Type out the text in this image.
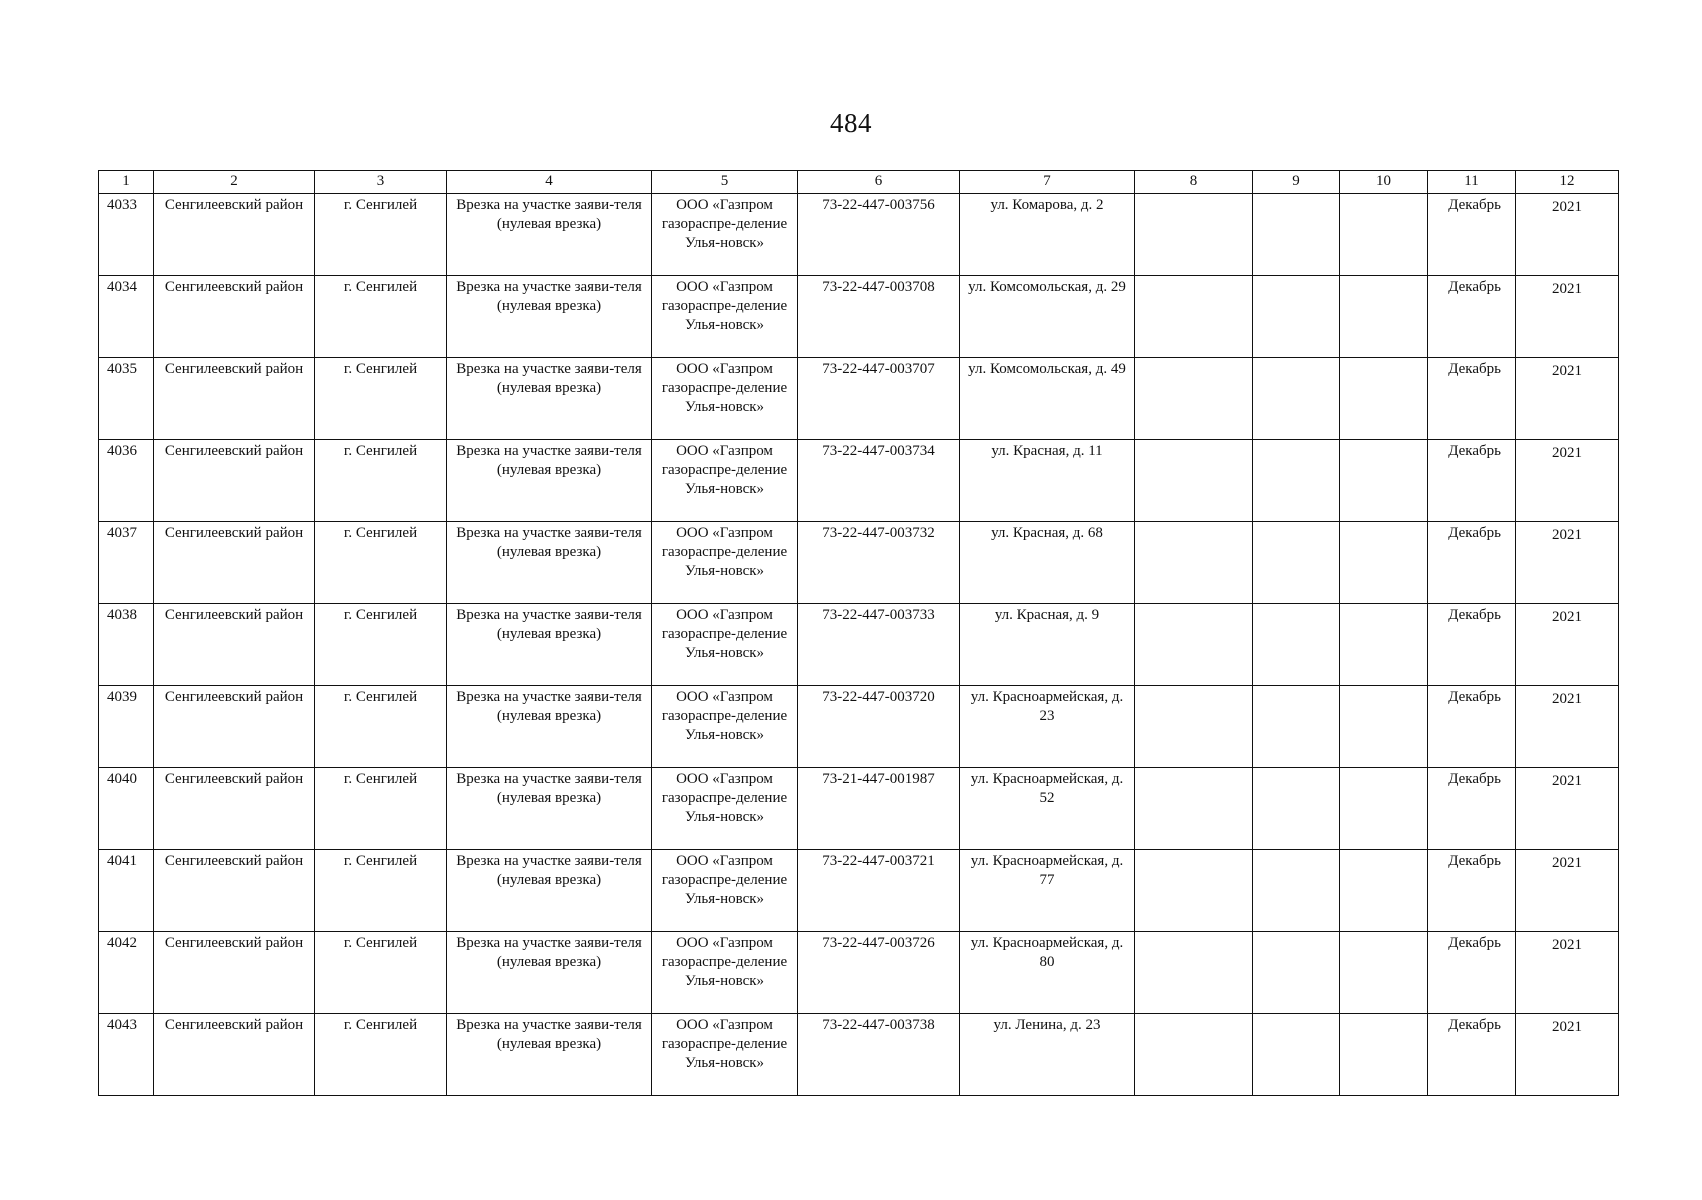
484
1	2	3	4	5	6	7	8	9	10	11	12
4033	Сенгилеевский район	г. Сенгилей	Врезка на участке заяви-теля (нулевая врезка)	ООО «Газпром газораспре-деление Улья-новск»	73-22-447-003756	ул. Комарова, д. 2				Декабрь	2021
4034	Сенгилеевский район	г. Сенгилей	Врезка на участке заяви-теля (нулевая врезка)	ООО «Газпром газораспре-деление Улья-новск»	73-22-447-003708	ул. Комсомольская, д. 29				Декабрь	2021
4035	Сенгилеевский район	г. Сенгилей	Врезка на участке заяви-теля (нулевая врезка)	ООО «Газпром газораспре-деление Улья-новск»	73-22-447-003707	ул. Комсомольская, д. 49				Декабрь	2021
4036	Сенгилеевский район	г. Сенгилей	Врезка на участке заяви-теля (нулевая врезка)	ООО «Газпром газораспре-деление Улья-новск»	73-22-447-003734	ул. Красная, д. 11				Декабрь	2021
4037	Сенгилеевский район	г. Сенгилей	Врезка на участке заяви-теля (нулевая врезка)	ООО «Газпром газораспре-деление Улья-новск»	73-22-447-003732	ул. Красная, д. 68				Декабрь	2021
4038	Сенгилеевский район	г. Сенгилей	Врезка на участке заяви-теля (нулевая врезка)	ООО «Газпром газораспре-деление Улья-новск»	73-22-447-003733	ул. Красная, д. 9				Декабрь	2021
4039	Сенгилеевский район	г. Сенгилей	Врезка на участке заяви-теля (нулевая врезка)	ООО «Газпром газораспре-деление Улья-новск»	73-22-447-003720	ул. Красноармейская, д. 23				Декабрь	2021
4040	Сенгилеевский район	г. Сенгилей	Врезка на участке заяви-теля (нулевая врезка)	ООО «Газпром газораспре-деление Улья-новск»	73-21-447-001987	ул. Красноармейская, д. 52				Декабрь	2021
4041	Сенгилеевский район	г. Сенгилей	Врезка на участке заяви-теля (нулевая врезка)	ООО «Газпром газораспре-деление Улья-новск»	73-22-447-003721	ул. Красноармейская, д. 77				Декабрь	2021
4042	Сенгилеевский район	г. Сенгилей	Врезка на участке заяви-теля (нулевая врезка)	ООО «Газпром газораспре-деление Улья-новск»	73-22-447-003726	ул. Красноармейская, д. 80				Декабрь	2021
4043	Сенгилеевский район	г. Сенгилей	Врезка на участке заяви-теля (нулевая врезка)	ООО «Газпром газораспре-деление Улья-новск»	73-22-447-003738	ул. Ленина, д. 23				Декабрь	2021
